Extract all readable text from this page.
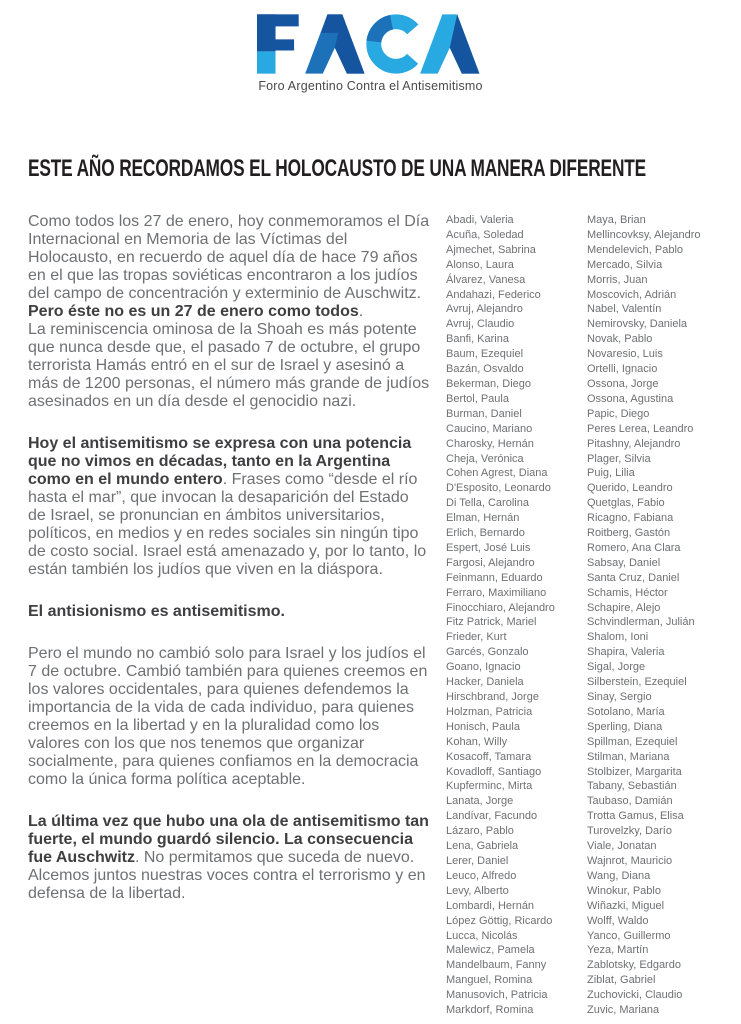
Foro Argentino Contra el Antisemitismo
ESTE AÑO RECORDAMOS EL HOLOCAUSTO DE UNA MANERA DIFERENTE

Como todos los 27 de enero, hoy conmemoramos el Día Internacional en Memoria de las Víctimas del Holocausto, en recuerdo de aquel día de hace 79 años en el que las tropas soviéticas encontraron a los judíos del campo de concentración y exterminio de Auschwitz. Pero éste no es un 27 de enero como todos.

La reminiscencia ominosa de la Shoah es más potente que nunca desde que, el pasado 7 de octubre, el grupo terrorista Hamás entró en el sur de Israel y asesinó a más de 1200 personas, el número más grande de judíos asesinados en un día desde el genocidio nazi.

Hoy el antisemitismo se expresa con una potencia que no vimos en décadas, tanto en la Argentina como en el mundo entero. Frases como “desde el río hasta el mar”, que invocan la desaparición del Estado de Israel, se pronuncian en ámbitos universitarios, políticos, en medios y en redes sociales sin ningún tipo de costo social. Israel está amenazado y, por lo tanto, lo están también los judíos que viven en la diáspora.

El antisionismo es antisemitismo.

Pero el mundo no cambió solo para Israel y los judíos el 7 de octubre. Cambió también para quienes creemos en los valores occidentales, para quienes defendemos la importancia de la vida de cada individuo, para quienes creemos en la libertad y en la pluralidad como los valores con los que nos tenemos que organizar socialmente, para quienes confiamos en la democracia como la única forma política aceptable.

La última vez que hubo una ola de antisemitismo tan fuerte, el mundo guardó silencio. La consecuencia fue Auschwitz. No permitamos que suceda de nuevo. Alcemos juntos nuestras voces contra el terrorismo y en defensa de la libertad.

Abadi, Valeria
Acuña, Soledad
Ajmechet, Sabrina
Alonso, Laura
Álvarez, Vanesa
Andahazi, Federico
Avruj, Alejandro
Avruj, Claudio
Banfi, Karina
Baum, Ezequiel
Bazán, Osvaldo
Bekerman, Diego
Bertol, Paula
Burman, Daniel
Caucino, Mariano
Charosky, Hernán
Cheja, Verónica
Cohen Agrest, Diana
D'Esposito, Leonardo
Di Tella, Carolina
Elman, Hernán
Erlich, Bernardo
Espert, José Luis
Fargosi, Alejandro
Feinmann, Eduardo
Ferraro, Maximiliano
Finocchiaro, Alejandro
Fitz Patrick, Mariel
Frieder, Kurt
Garcés, Gonzalo
Goano, Ignacio
Hacker, Daniela
Hirschbrand, Jorge
Holzman, Patricia
Honisch, Paula
Kohan, Willy
Kosacoff, Tamara
Kovadloff, Santiago
Kupferminc, Mirta
Lanata, Jorge
Landívar, Facundo
Lázaro, Pablo
Lena, Gabriela
Lerer, Daniel
Leuco, Alfredo
Levy, Alberto
Lombardi, Hernán
López Göttig, Ricardo
Lucca, Nicolás
Malewicz, Pamela
Mandelbaum, Fanny
Manguel, Romina
Manusovich, Patricia
Markdorf, Romina
Maya, Brian
Mellincovksy, Alejandro
Mendelevich, Pablo
Mercado, Silvia
Morris, Juan
Moscovich, Adrián
Nabel, Valentín
Nemirovsky, Daniela
Novak, Pablo
Novaresio, Luis
Ortelli, Ignacio
Ossona, Jorge
Ossona, Agustina
Papic, Diego
Peres Lerea, Leandro
Pitashny, Alejandro
Plager, Silvia
Puig, Lilia
Querido, Leandro
Quetglas, Fabio
Ricagno, Fabiana
Roitberg, Gastón
Romero, Ana Clara
Sabsay, Daniel
Santa Cruz, Daniel
Schamis, Héctor
Schapire, Alejo
Schvindlerman, Julián
Shalom, Ioni
Shapira, Valeria
Sigal, Jorge
Silberstein, Ezequiel
Sinay, Sergio
Sotolano, María
Sperling, Diana
Spillman, Ezequiel
Stilman, Mariana
Stolbizer, Margarita
Tabany, Sebastián
Taubaso, Damián
Trotta Gamus, Elisa
Turovelzky, Darío
Viale, Jonatan
Wajnrot, Mauricio
Wang, Diana
Winokur, Pablo
Wiñazki, Miguel
Wolff, Waldo
Yanco, Guillermo
Yeza, Martín
Zablotsky, Edgardo
Ziblat, Gabriel
Zuchovicki, Claudio
Zuvic, Mariana
